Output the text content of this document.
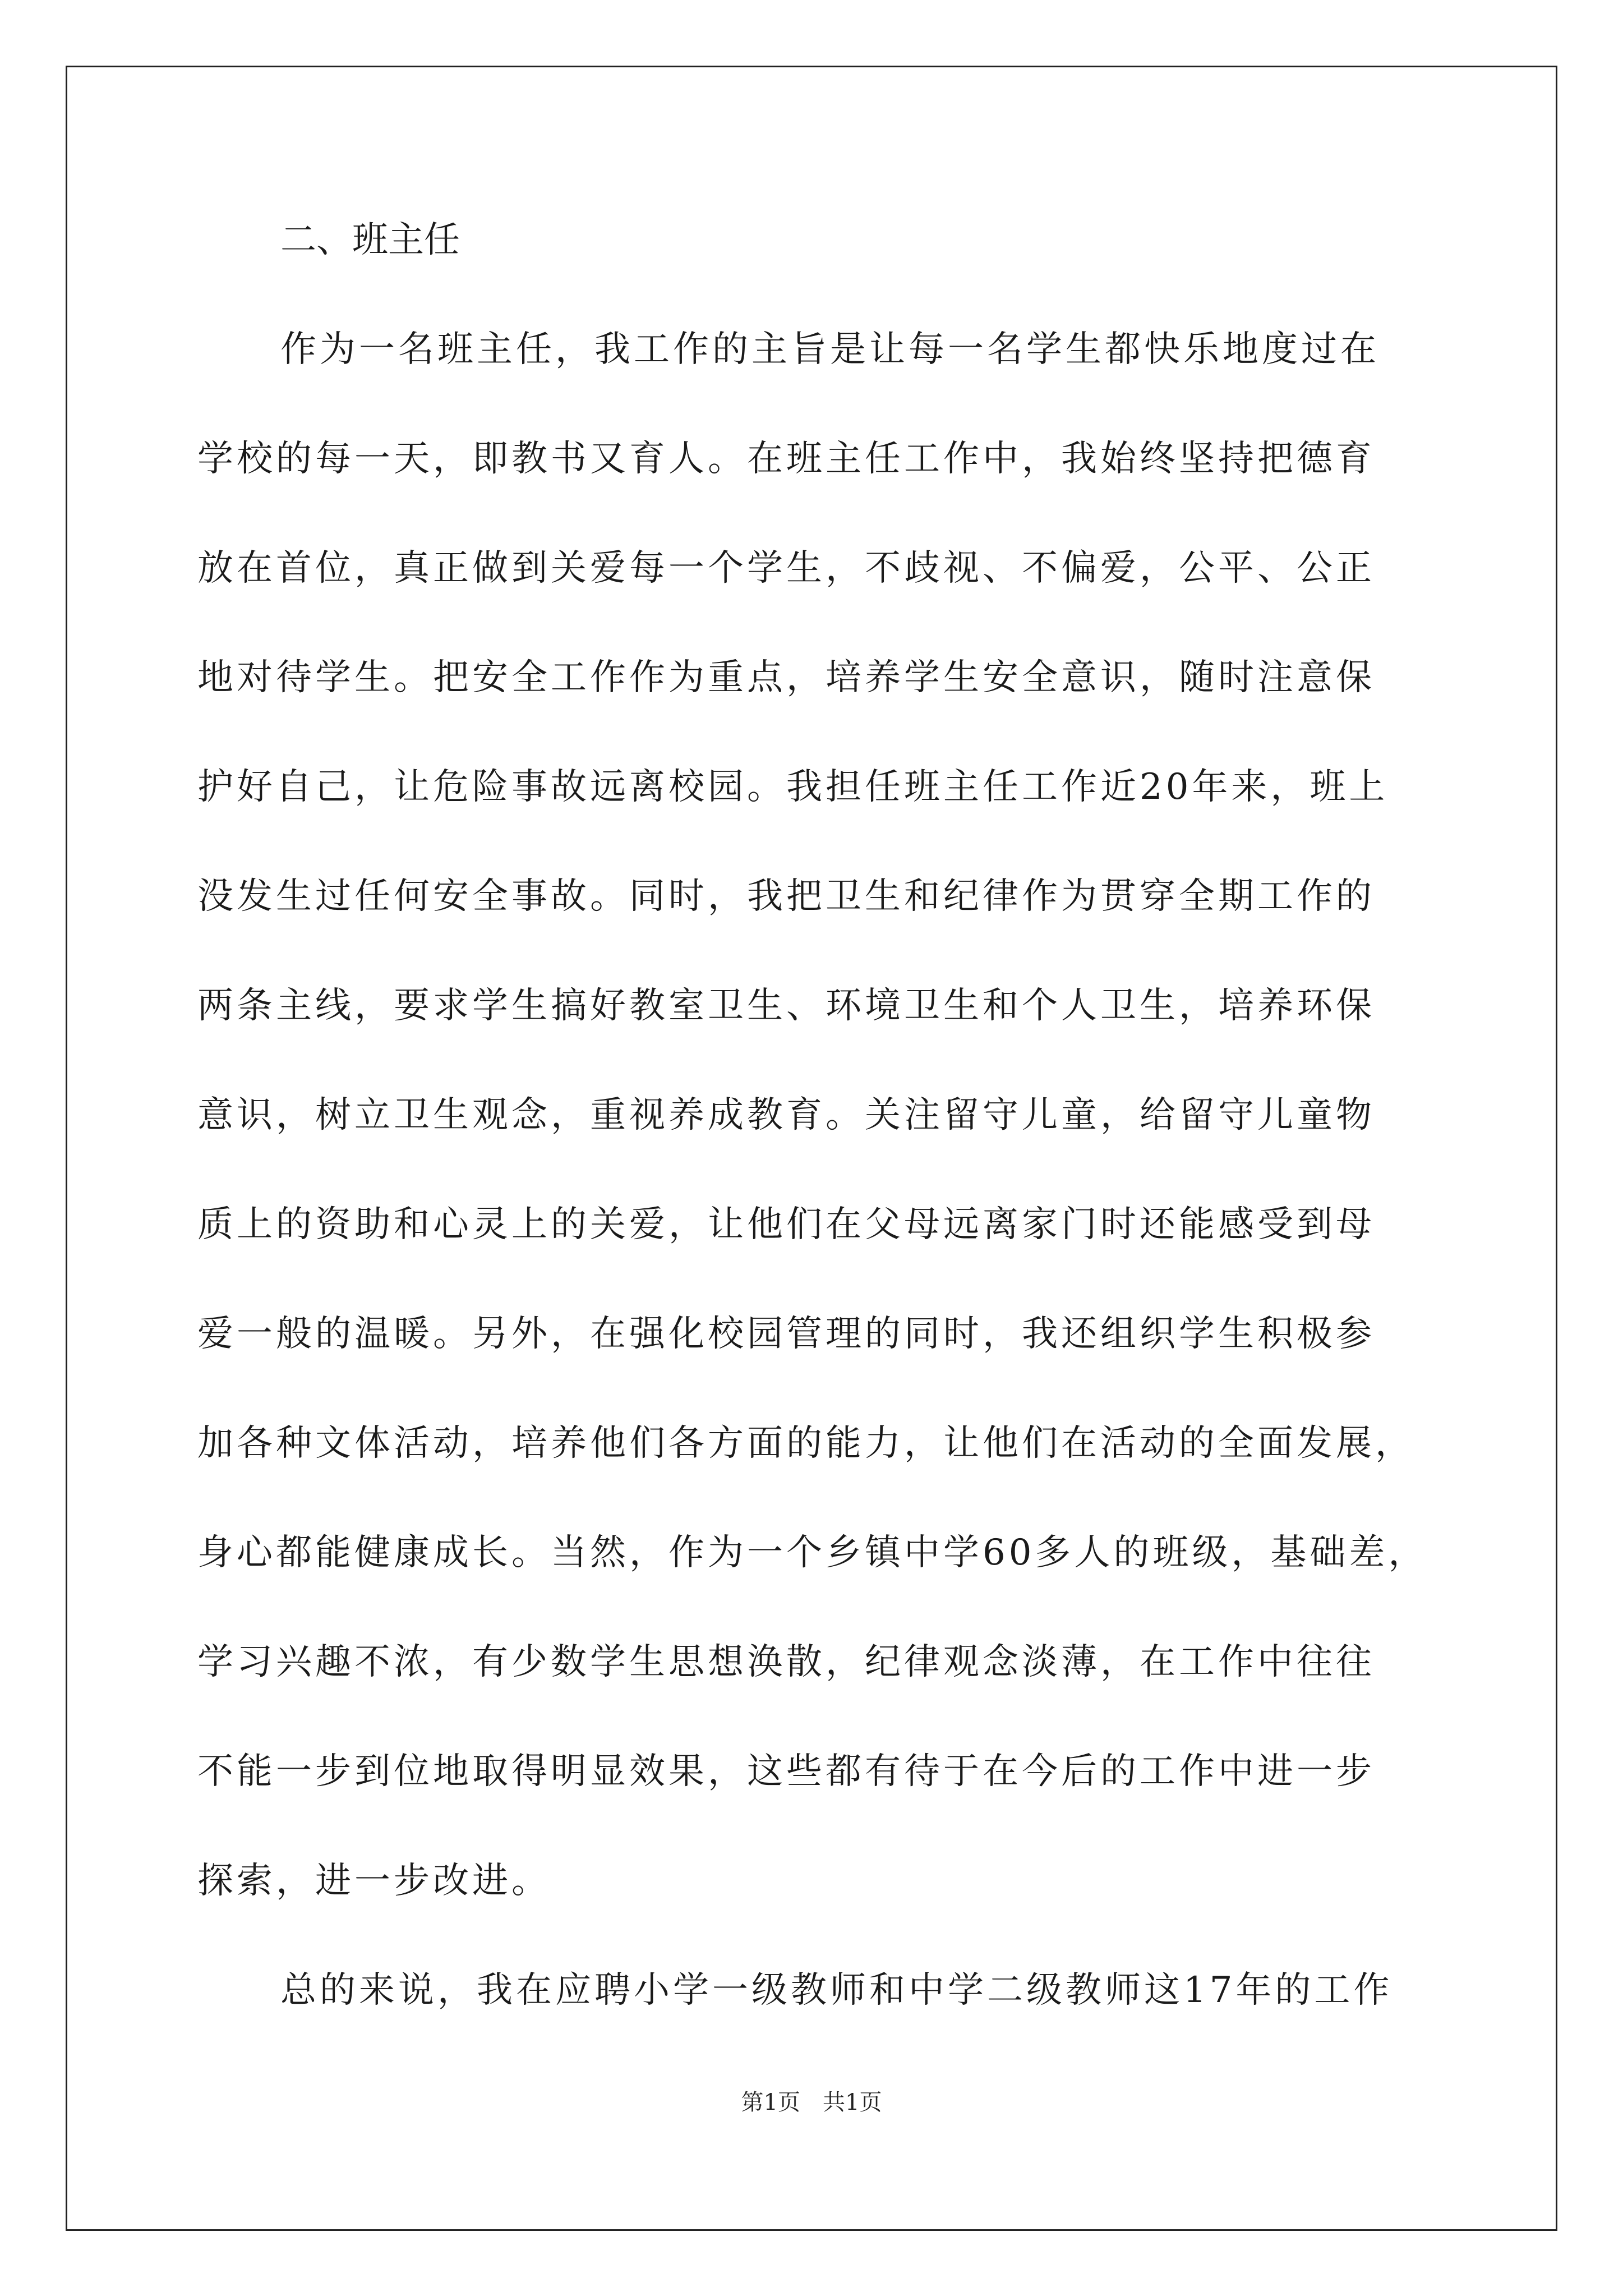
二、班主任
作为一名班主任，我工作的主旨是让每一名学生都快乐地度过在
学校的每一天，即教书又育人。在班主任工作中，我始终坚持把德育
放在首位，真正做到关爱每一个学生，不歧视、不偏爱，公平、公正
地对待学生。把安全工作作为重点，培养学生安全意识，随时注意保
护好自己，让危险事故远离校园。我担任班主任工作近20年来，班上
没发生过任何安全事故。同时，我把卫生和纪律作为贯穿全期工作的
两条主线，要求学生搞好教室卫生、环境卫生和个人卫生，培养环保
意识，树立卫生观念，重视养成教育。关注留守儿童，给留守儿童物
质上的资助和心灵上的关爱，让他们在父母远离家门时还能感受到母
爱一般的温暖。另外，在强化校园管理的同时，我还组织学生积极参
加各种文体活动，培养他们各方面的能力，让他们在活动的全面发展，
身心都能健康成长。当然，作为一个乡镇中学60多人的班级，基础差，
学习兴趣不浓，有少数学生思想涣散，纪律观念淡薄，在工作中往往
不能一步到位地取得明显效果，这些都有待于在今后的工作中进一步
探索，进一步改进。
总的来说，我在应聘小学一级教师和中学二级教师这17年的工作
第1页　共1页
